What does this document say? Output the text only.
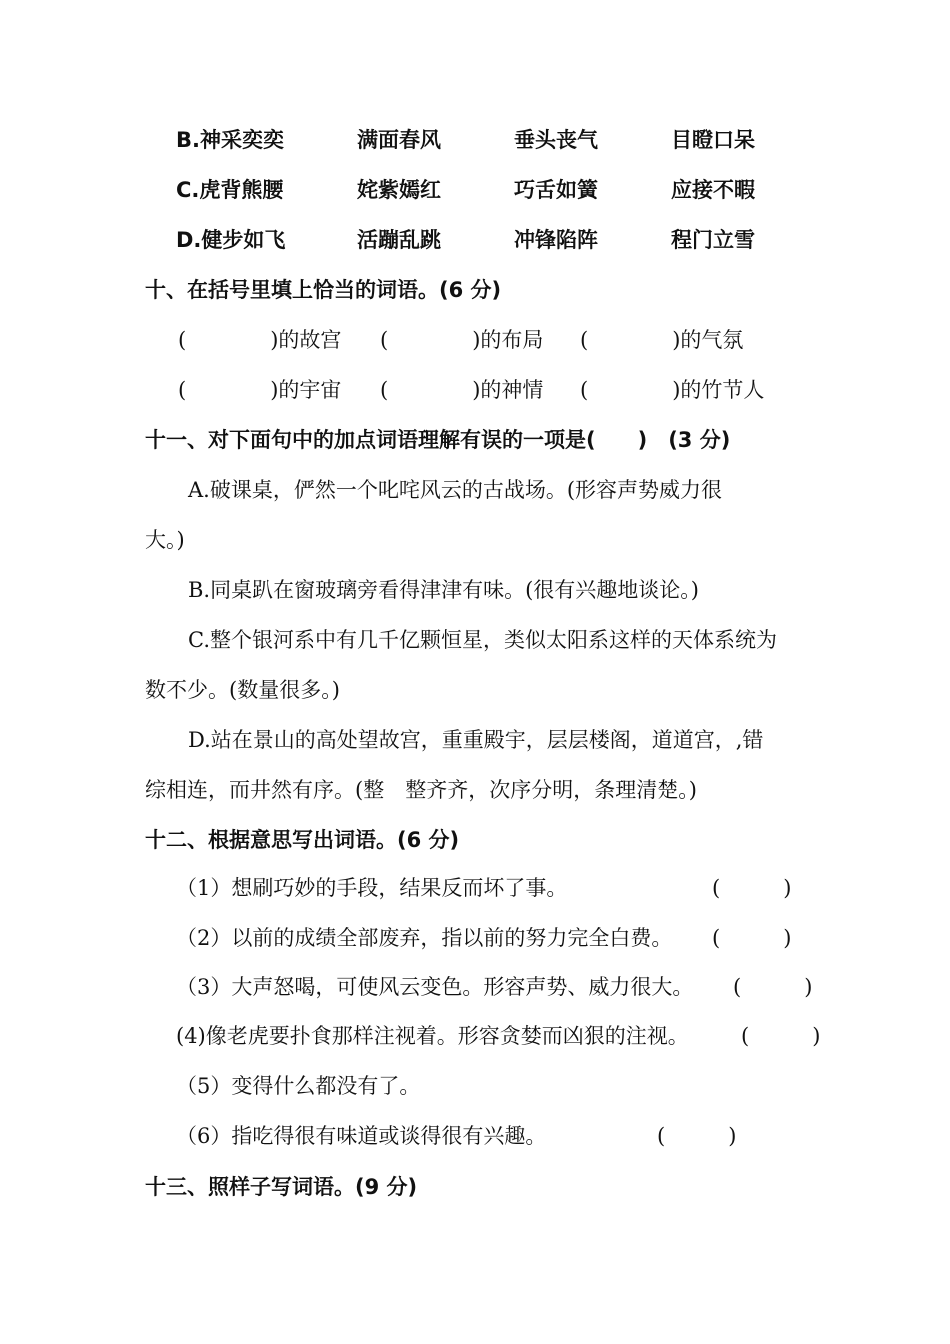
B.神采奕奕	满面春风	垂头丧气	目瞪口呆
C.虎背熊腰	姹紫嫣红	巧舌如簧	应接不暇
D.健步如飞	活蹦乱跳	冲锋陷阵	程门立雪
十、在括号里填上恰当的词语。(6 分)
(　　　　)的故宫 (　　　　)的布局 (　　　　)的气氛
(　　　　)的宇宙 (　　　　)的神情 (　　　　)的竹节人
十一、对下面句中的加点词语理解有误的一项是(　　)　(3 分)
A.破课桌，俨然一个叱咤风云的古战场。(形容声势威力很
大。)
B.同桌趴在窗玻璃旁看得津津有味。(很有兴趣地谈论。)
C.整个银河系中有几千亿颗恒星，类似太阳系这样的天体系统为
数不少。(数量很多。)
D.站在景山的高处望故宫，重重殿宇，层层楼阁，道道宫，,错
综相连，而井然有序。(整　整齐齐，次序分明，条理清楚。)
十二、根据意思写出词语。(6 分)
（1）想刷巧妙的手段，结果反而坏了事。	(　　　)
（2）以前的成绩全部废弃，指以前的努力完全白费。 (　　　)
（3）大声怒喝，可使风云变色。形容声势、威力很大。 (　　　)
(4)像老虎要扑食那样注视着。形容贪婪而凶狠的注视。 (　　　)
（5）变得什么都没有了。
（6）指吃得很有味道或谈得很有兴趣。	(　　　)
十三、照样子写词语。(9 分)
